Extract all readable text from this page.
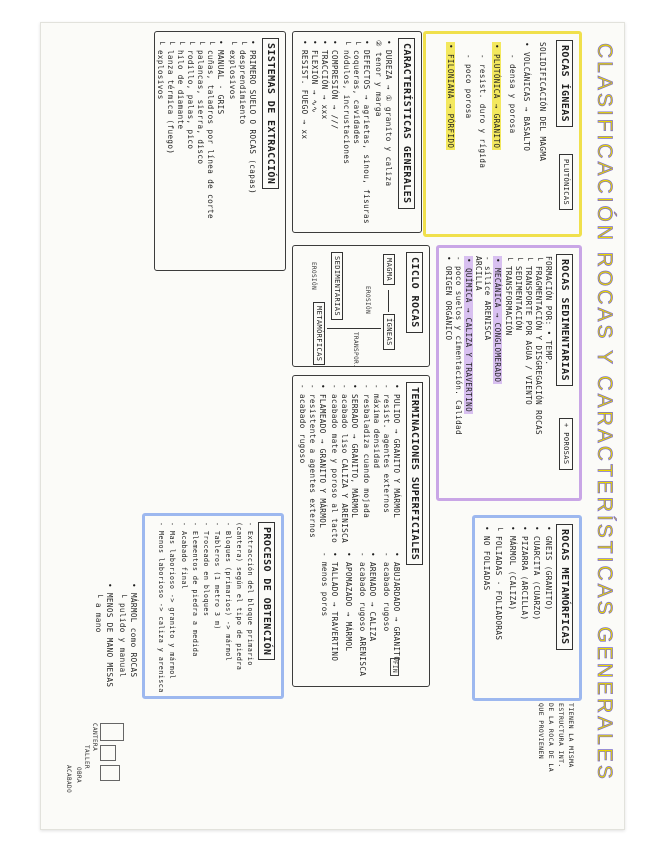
CLASIFICACIÓN ROCAS Y CARACTERÍSTICAS GENERALES
ROCAS ÍGNEAS
PLUTÓNICAS
SOLIDIFICACIÓN DEL MAGMA
• VOLCÁNICAS → BASALTO
- densa y porosa
• PLUTÓNICA → GRANITO
- resist. duro y rígida
- poco porosa
• FILONIANA → PÓRFIDO
ROCAS SEDIMENTARIAS
+ POROSAS
FORMACIÓN POR: • TEMP.
└ FRAGMENTACIÓN Y DISGREGACIÓN ROCAS
└ TRANSPORTE POR AGUA / VIENTO
└ SEDIMENTACIÓN
└ TRANSFORMACIÓN
• MECÁNICA → CONGLOMERADO
- sílice ARENISCA
ARCILLA
• QUÍMICA → CALIZA Y TRAVERTINO
- poco suelos y cimentación. Calidad
• ORIGEN ORGÁNICO
ROCAS METAMÓRFICAS
• GNEIS (GRANITO)
• CUARCITA (CUARZO)
• PIZARRA (ARCILLA)
• MÁRMOL (CALIZA)
└ FOLIADAS · FOLIADORAS
• NO FOLIADAS
TIENEN LA MISMA
ESTRUCTURA INT.
DE LA ROCA DE LA
QUE PROVIENEN
CARACTERÍSTICAS GENERALES
• DUREZA → ① granito y caliza
② tenor y marga
• DEFECTOS → agrietas, sinou, fisuras
└ coqueras, cavidades
└ nódulos, incrustaciones
• COMPRESIÓN → ///
• TRACCIÓN → xxx
• FLEXIÓN → ∿∿
• RESIST. FUEGO → xx
CICLO ROCAS
MAGMA
ÍGNEAS
SEDIMENTARIAS
METAMÓRFICAS
EROSIÓN
TRANSPOR.
EROSIÓN
TERMINACIONES SUPERFICIALES
• PULIDO → GRANITO Y MÁRMOL
- resist. agentes externos
- máxima densidad
- resbaladiza cuando mojada
• SERRADO → GRANITO, MÁRMOL
- acabado liso CALIZA Y ARENISCA
- acabado mate y poroso al tacto
• FLAMEADO → GRANITO Y MÁRMOL
- resistente a agentes externos
- acabado rugoso
• ABUJARDADO → GRANITO
- acabado rugoso
• ARENADO → CALIZA
- acabado rugoso ARENISCA
• APOMAZADO → MÁRMOL
• TALLADO → TRAVERTINO
- menos poros
FIN
SISTEMAS DE EXTRACCIÓN
• PRIMERO SUELO O ROCAS (capas)
└ desprendimiento
└ explosivos
• MANUAL · GRIS
└ cuñas, taladros por línea de corte
└ palancas, sierra, disco
└ rodillo, palas, pico
└ hilo de diamante
└ lanza térmica (fuego)
└ explosivos
PROCESO DE OBTENCIÓN
- Extracción del bloque primario
(cantera) según el tipo de piedra
- Bloques (primarios) -> mármol
- Tableros (1 metro 3 m)
- Troceado en bloques
- Elementos de piedra a medida
- Acabado final
- Mas laborioso -> granito y mármol
- Menos laborioso -> caliza y arenisca
• MÁRMOL como ROCAS
└ pulido y manual
• MENOS DE MANO MESAS
└ a mano
CANTERA
TALLER
OBRA
ACABADO
